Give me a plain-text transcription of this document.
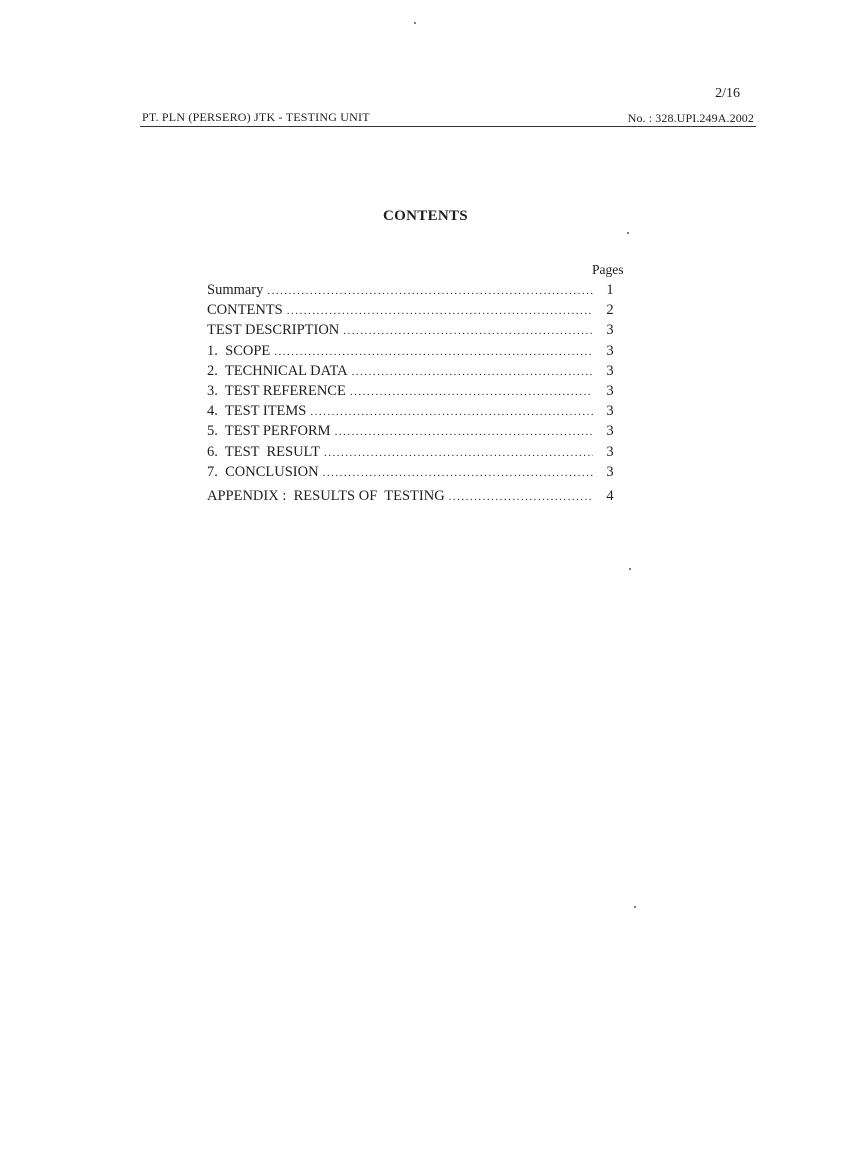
2/16
PT. PLN (PERSERO) JTK - TESTING UNIT	No. : 328.UPI.249A.2002
CONTENTS
Pages
Summary .....	1
CONTENTS .....	2
TEST DESCRIPTION .....	3
1.  SCOPE .....	3
2.  TECHNICAL DATA .....	3
3.  TEST REFERENCE .....	3
4.  TEST ITEMS .....	3
5.  TEST PERFORM .....	3
6.  TEST  RESULT .....	3
7.  CONCLUSION .....	3
APPENDIX :  RESULTS OF  TESTING .....	4
